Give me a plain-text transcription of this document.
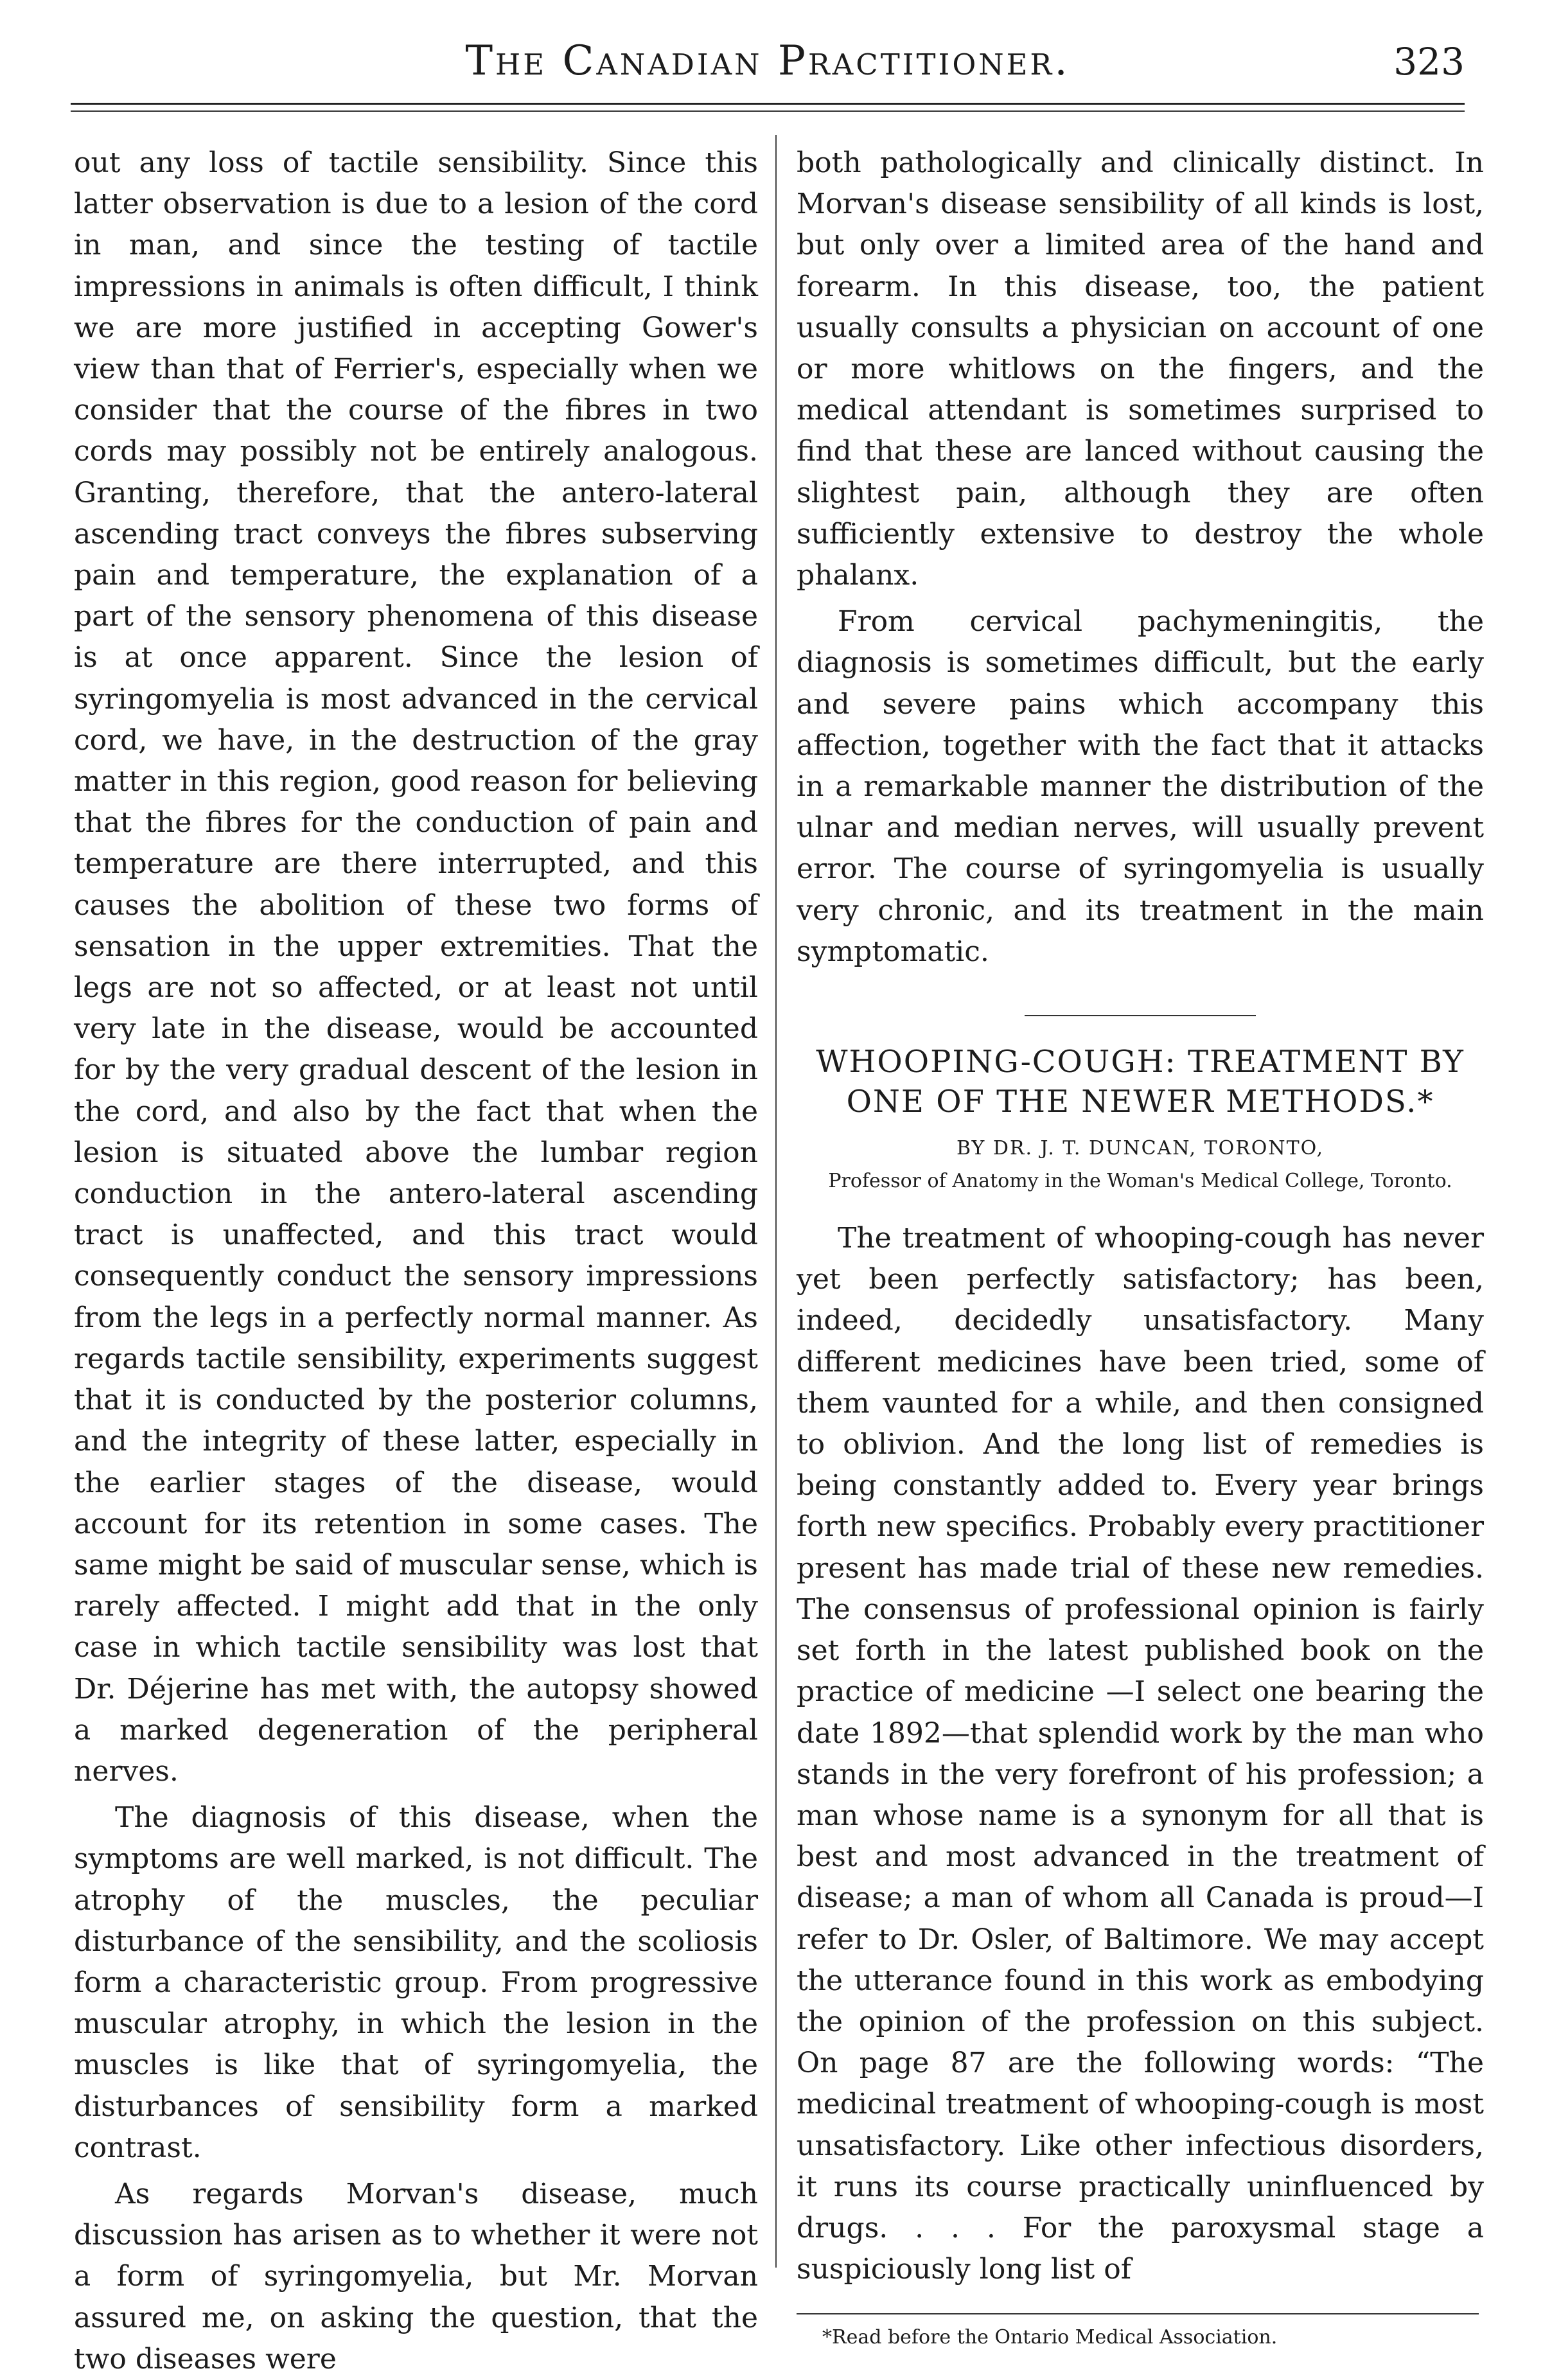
The Canadian Practitioner.	323

out any loss of tactile sensibility. Since this latter observation is due to a lesion of the cord in man, and since the testing of tactile impressions in animals is often difficult, I think we are more justified in accepting Gower's view than that of Ferrier's, especially when we consider that the course of the fibres in two cords may possibly not be entirely analogous. Granting, therefore, that the antero-lateral ascending tract conveys the fibres subserving pain and temperature, the explanation of a part of the sensory phenomena of this disease is at once apparent. Since the lesion of syringomyelia is most advanced in the cervical cord, we have, in the destruction of the gray matter in this region, good reason for believing that the fibres for the conduction of pain and temperature are there interrupted, and this causes the abolition of these two forms of sensation in the upper extremities. That the legs are not so affected, or at least not until very late in the disease, would be accounted for by the very gradual descent of the lesion in the cord, and also by the fact that when the lesion is situated above the lumbar region conduction in the antero-lateral ascending tract is unaffected, and this tract would consequently conduct the sensory impressions from the legs in a perfectly normal manner. As regards tactile sensibility, experiments suggest that it is conducted by the posterior columns, and the integrity of these latter, especially in the earlier stages of the disease, would account for its retention in some cases. The same might be said of muscular sense, which is rarely affected. I might add that in the only case in which tactile sensibility was lost that Dr. Déjerine has met with, the autopsy showed a marked degeneration of the peripheral nerves.

The diagnosis of this disease, when the symptoms are well marked, is not difficult. The atrophy of the muscles, the peculiar disturbance of the sensibility, and the scoliosis form a characteristic group. From progressive muscular atrophy, in which the lesion in the muscles is like that of syringomyelia, the disturbances of sensibility form a marked contrast.

As regards Morvan's disease, much discussion has arisen as to whether it were not a form of syringomyelia, but Mr. Morvan assured me, on asking the question, that the two diseases were

both pathologically and clinically distinct. In Morvan's disease sensibility of all kinds is lost, but only over a limited area of the hand and forearm. In this disease, too, the patient usually consults a physician on account of one or more whitlows on the fingers, and the medical attendant is sometimes surprised to find that these are lanced without causing the slightest pain, although they are often sufficiently extensive to destroy the whole phalanx.

From cervical pachymeningitis, the diagnosis is sometimes difficult, but the early and severe pains which accompany this affection, together with the fact that it attacks in a remarkable manner the distribution of the ulnar and median nerves, will usually prevent error. The course of syringomyelia is usually very chronic, and its treatment in the main symptomatic.

WHOOPING-COUGH: TREATMENT BY ONE OF THE NEWER METHODS.*
BY DR. J. T. DUNCAN, TORONTO,
Professor of Anatomy in the Woman's Medical College, Toronto.

The treatment of whooping-cough has never yet been perfectly satisfactory; has been, indeed, decidedly unsatisfactory. Many different medicines have been tried, some of them vaunted for a while, and then consigned to oblivion. And the long list of remedies is being constantly added to. Every year brings forth new specifics. Probably every practitioner present has made trial of these new remedies. The consensus of professional opinion is fairly set forth in the latest published book on the practice of medicine —I select one bearing the date 1892—that splendid work by the man who stands in the very forefront of his profession; a man whose name is a synonym for all that is best and most advanced in the treatment of disease; a man of whom all Canada is proud—I refer to Dr. Osler, of Baltimore. We may accept the utterance found in this work as embodying the opinion of the profession on this subject. On page 87 are the following words: “The medicinal treatment of whooping-cough is most unsatisfactory. Like other infectious disorders, it runs its course practically uninfluenced by drugs. . . . For the paroxysmal stage a suspiciously long list of

*Read before the Ontario Medical Association.
